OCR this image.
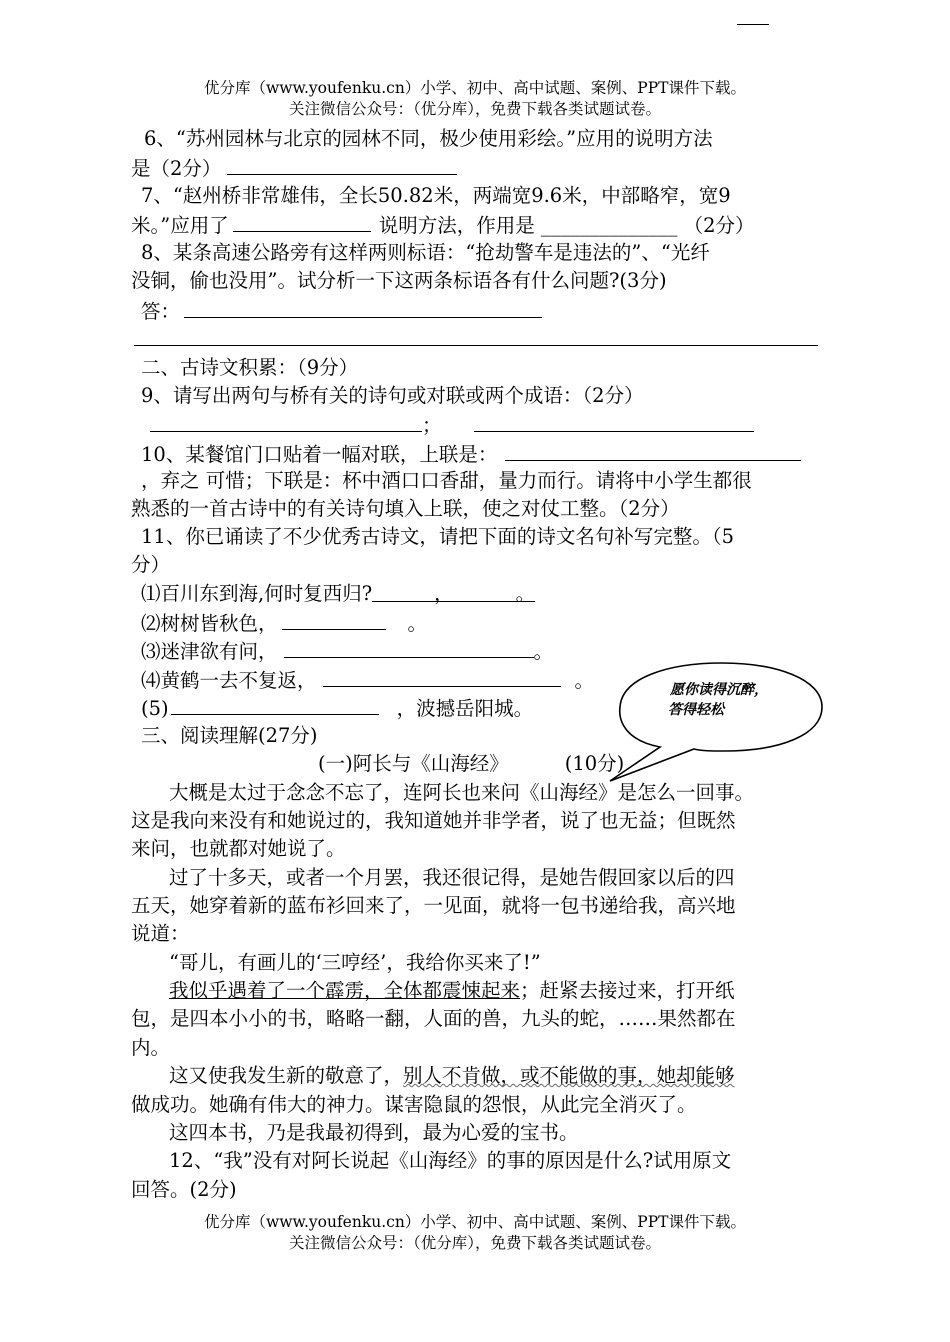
优分库（www.youfenku.cn）小学、初中、高中试题、案例、PPT课件下载。
关注微信公众号：（优分库），免费下载各类试题试卷。
6、“苏州园林与北京的园林不同，极少使用彩绘。”应用的说明方法
是（2分）
7、“赵州桥非常雄伟，全长50.82米，两端宽9.6米，中部略窄，宽9
米。”应用了	说明方法，作用是 ______________ （2分）
8、某条高速公路旁有这样两则标语：“抢劫警车是违法的”、“光纤
没铜，偷也没用”。试分析一下这两条标语各有什么问题?(3分)
答：
二、古诗文积累：（9分）
9、请写出两句与桥有关的诗句或对联或两个成语：（2分）
；
10、某餐馆门口贴着一幅对联，上联是：
，弃之 可惜；下联是：杯中酒口口香甜，量力而行。请将中小学生都很
熟悉的一首古诗中的有关诗句填入上联，使之对仗工整。（2分）
11、你已诵读了不少优秀古诗文，请把下面的诗文名句补写完整。（5
分）
⑴百川东到海,何时复西归?          ，          。
⑵树树皆秋色，	。
⑶迷津欲有问，	。
⑷黄鹤一去不复返，	。
(5)	，波撼岳阳城。
愿你读得沉醉，
答得轻松
三、阅读理解(27分)
(一)阿长与《山海经》	(10分)
大概是太过于念念不忘了，连阿长也来问《山海经》是怎么一回事。
这是我向来没有和她说过的，我知道她并非学者，说了也无益；但既然
来问，也就都对她说了。
过了十多天，或者一个月罢，我还很记得，是她告假回家以后的四
五天，她穿着新的蓝布衫回来了，一见面，就将一包书递给我，高兴地
说道：
“哥儿，有画儿的‘三哼经’，我给你买来了!”
我似乎遇着了一个霹雳，全体都震悚起来；赶紧去接过来，打开纸
包，是四本小小的书，略略一翻，人面的兽，九头的蛇，……果然都在
内。
这又使我发生新的敬意了，别人不肯做，或不能做的事，她却能够
做成功。她确有伟大的神力。谋害隐鼠的怨恨，从此完全消灭了。
这四本书，乃是我最初得到，最为心爱的宝书。
12、“我”没有对阿长说起《山海经》的事的原因是什么?试用原文
回答。(2分)
优分库（www.youfenku.cn）小学、初中、高中试题、案例、PPT课件下载。
关注微信公众号：（优分库），免费下载各类试题试卷。
